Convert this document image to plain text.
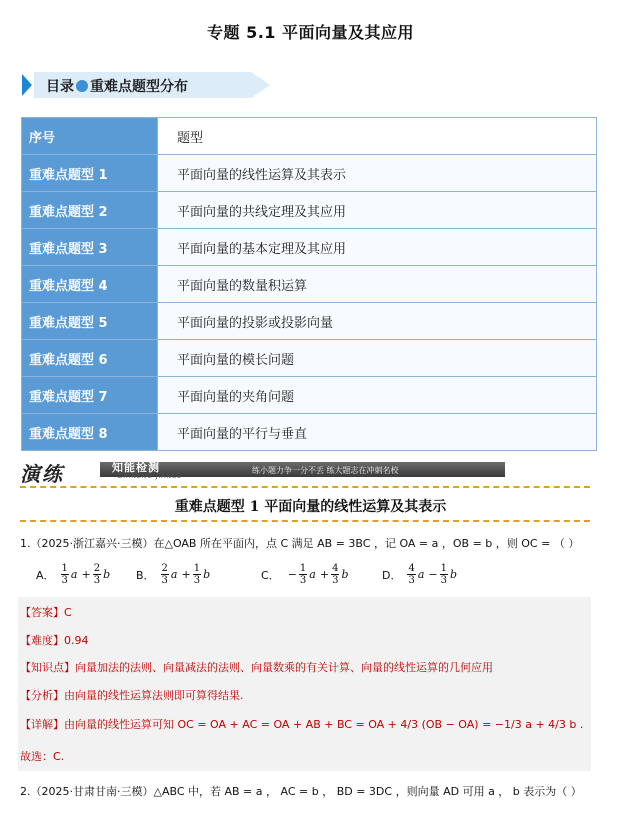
专题 5.1 平面向量及其应用
目录 重难点题型分布
序号	题型
重难点题型 1	平面向量的线性运算及其表示
重难点题型 2	平面向量的共线定理及其应用
重难点题型 3	平面向量的基本定理及其应用
重难点题型 4	平面向量的数量积运算
重难点题型 5	平面向量的投影或投影向量
重难点题型 6	平面向量的模长问题
重难点题型 7	平面向量的夹角问题
重难点题型 8	平面向量的平行与垂直
演练	知能检测
ZHINENG JIANCE
练小题力争一分不丢 练大题志在冲刺名校
重难点题型 1 平面向量的线性运算及其表示
1.（2025·浙江嘉兴·三模）在△OAB 所在平面内，点 C 满足 AB = 3BC ，记 OA = a ，OB = b ，则 OC = （ ）
A． $\frac{1}{3}$ $a + \frac{2}{3}$ b B． $\frac{2}{3}$ $a + \frac{1}{3}$ b	C． − $\frac{1}{3}$ $a + \frac{4}{3}$ b	D． $\frac{4}{3}$ $a - \frac{1}{3}$ b
【答案】C
【难度】0.94
【知识点】向量加法的法则、向量减法的法则、向量数乘的有关计算、向量的线性运算的几何应用
【分析】由向量的线性运算法则即可算得结果.
【详解】由向量的线性运算可知 OC = OA + AC = OA + AB + BC = OA + 4/3 (OB − OA) = −1/3 a + 4/3 b .
故选：C.
2.（2025·甘肃甘南·三模）△ABC 中，若 AB = a ， AC = b ， BD = 3DC ，则向量 AD 可用 a ， b 表示为（ ）
